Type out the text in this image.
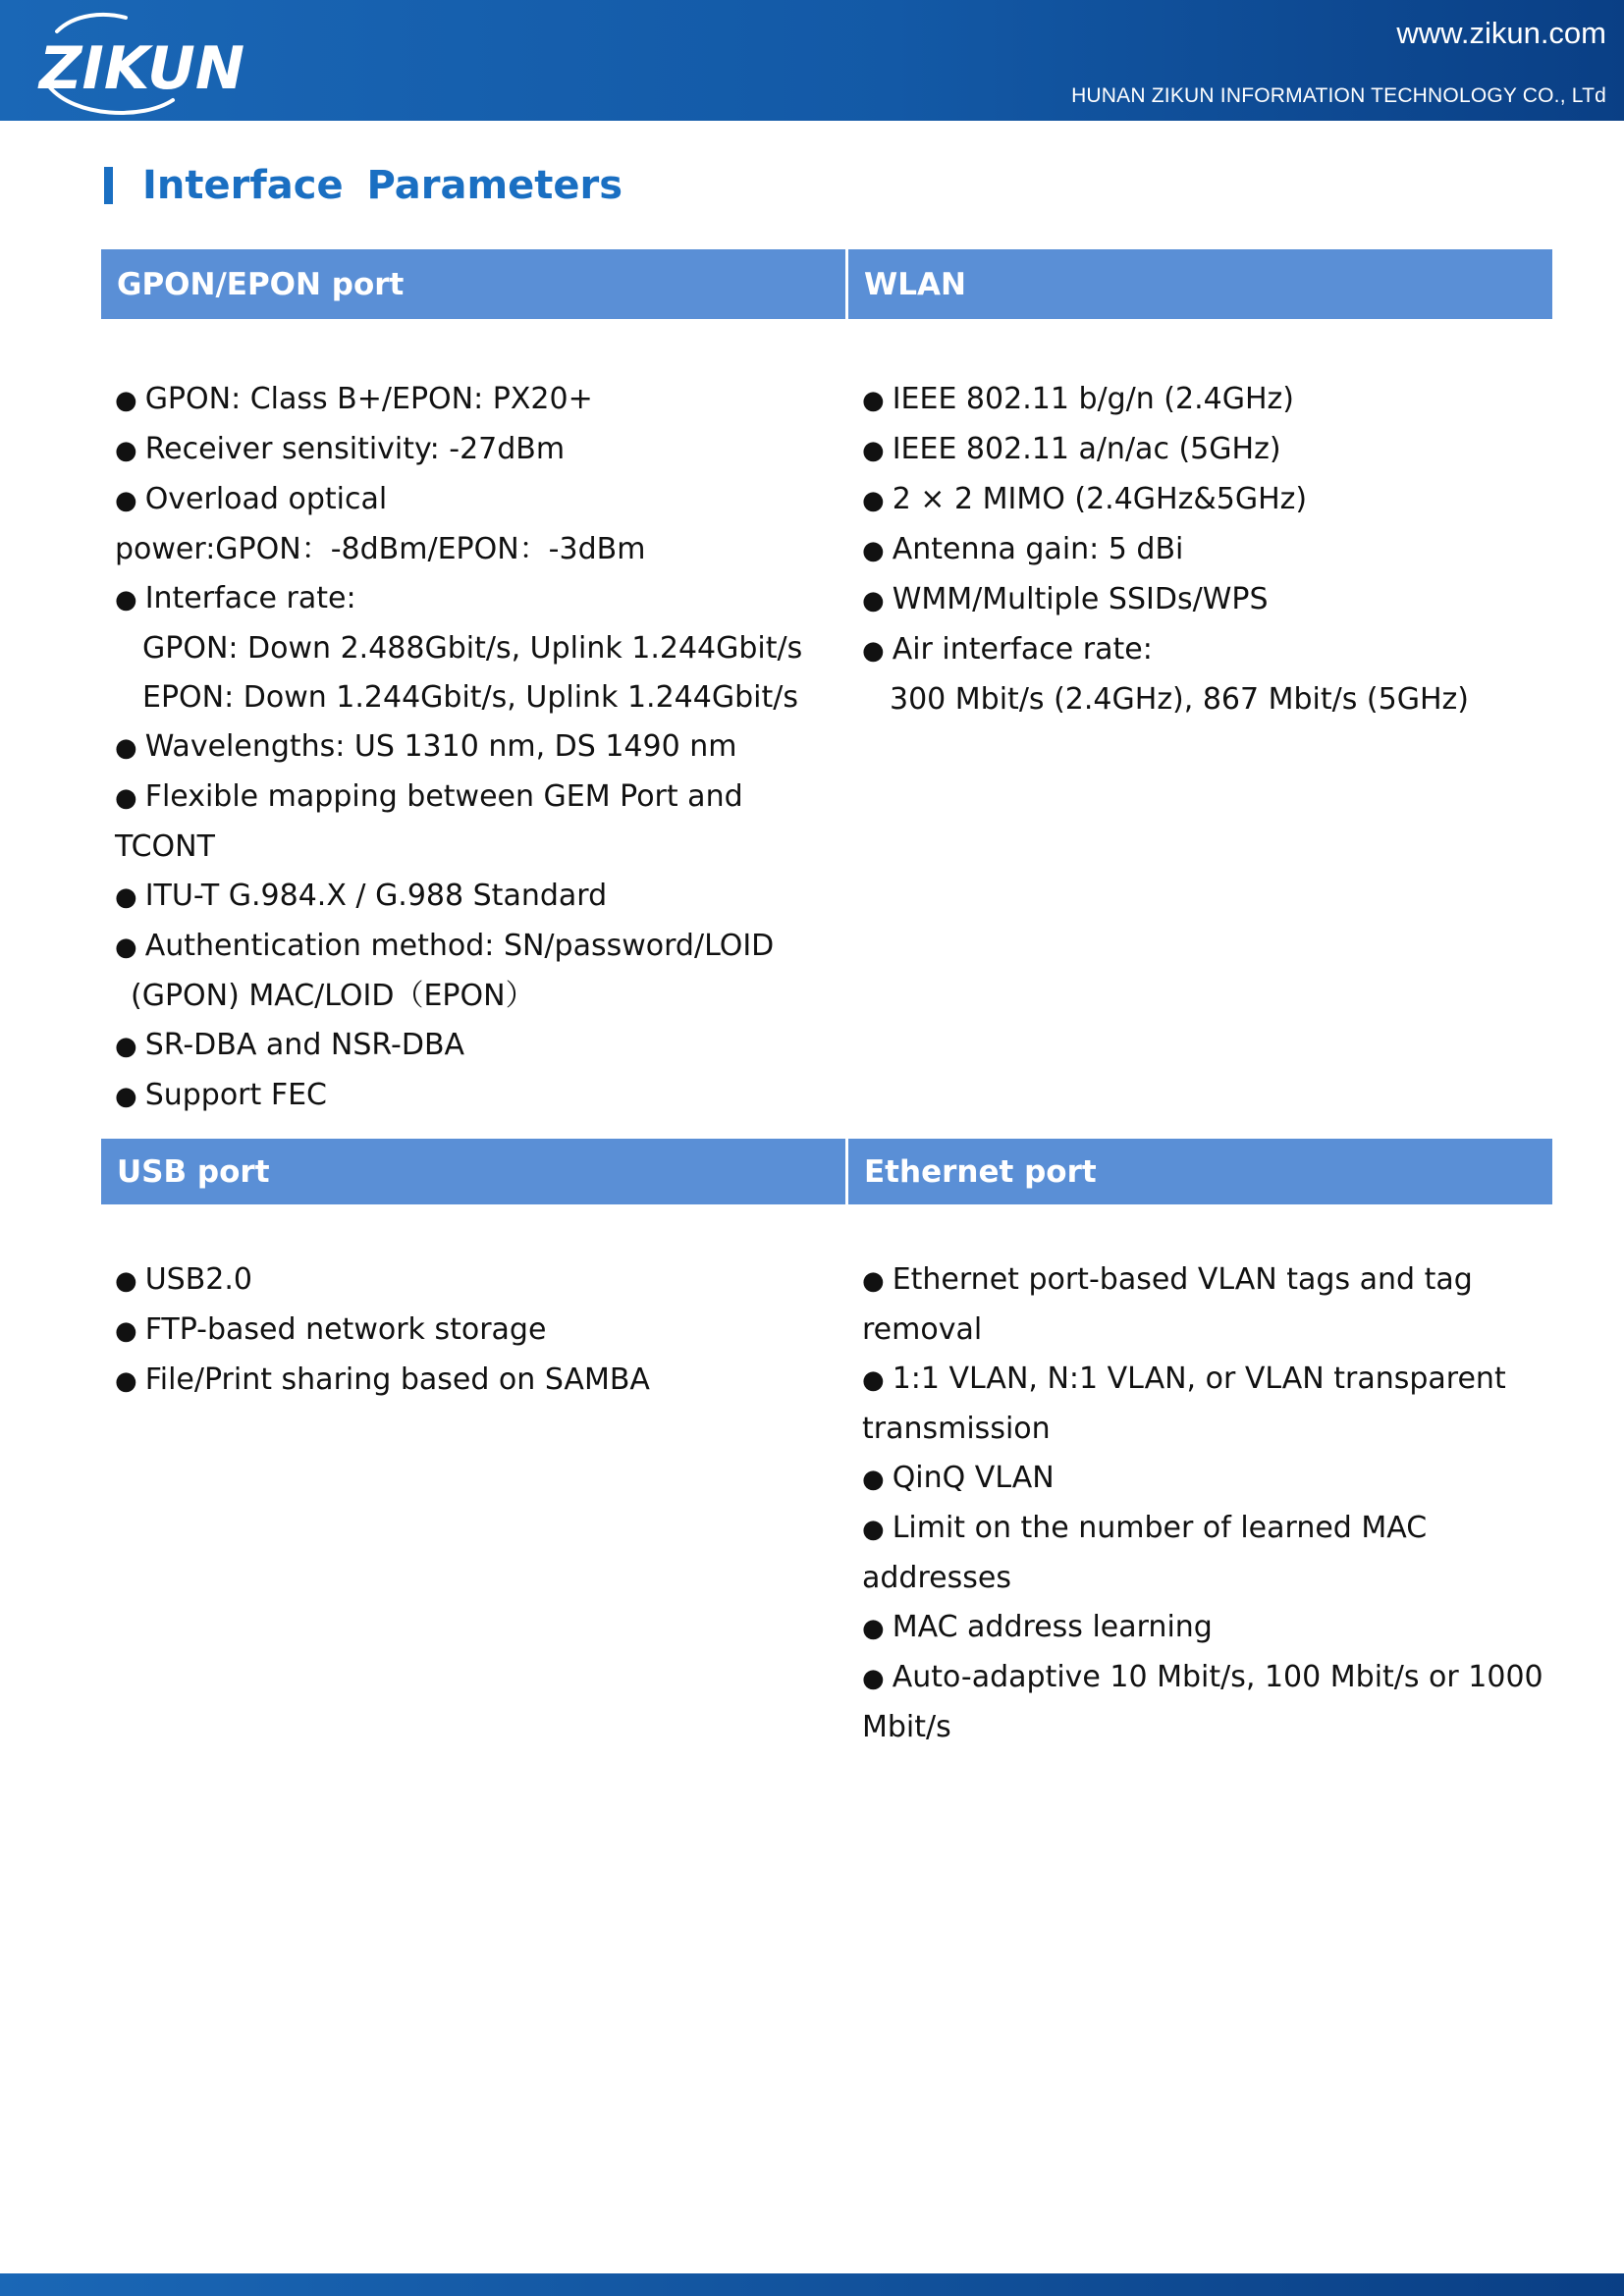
ZIKUN
www.zikun.com
HUNAN ZIKUN INFORMATION TECHNOLOGY CO., LTd
Interface Parameters
GPON/EPON port	WLAN
● GPON: Class B+/EPON: PX20+
● Receiver sensitivity: -27dBm
● Overload optical power:GPON：-8dBm/EPON：-3dBm
● Interface rate:
GPON: Down 2.488Gbit/s, Uplink 1.244Gbit/s
EPON: Down 1.244Gbit/s, Uplink 1.244Gbit/s
● Wavelengths: US 1310 nm, DS 1490 nm
● Flexible mapping between GEM Port and TCONT
● ITU-T G.984.X / G.988 Standard
● Authentication method: SN/password/LOID
(GPON) MAC/LOID（EPON）
● SR-DBA and NSR-DBA
● Support FEC
● IEEE 802.11 b/g/n (2.4GHz)
● IEEE 802.11 a/n/ac (5GHz)
● 2 × 2 MIMO (2.4GHz&5GHz)
● Antenna gain: 5 dBi
● WMM/Multiple SSIDs/WPS
● Air interface rate:
300 Mbit/s (2.4GHz), 867 Mbit/s (5GHz)
USB port	Ethernet port
● USB2.0
● FTP-based network storage
● File/Print sharing based on SAMBA
● Ethernet port-based VLAN tags and tag removal
● 1:1 VLAN, N:1 VLAN, or VLAN transparent transmission
● QinQ VLAN
● Limit on the number of learned MAC addresses
● MAC address learning
● Auto-adaptive 10 Mbit/s, 100 Mbit/s or 1000 Mbit/s
